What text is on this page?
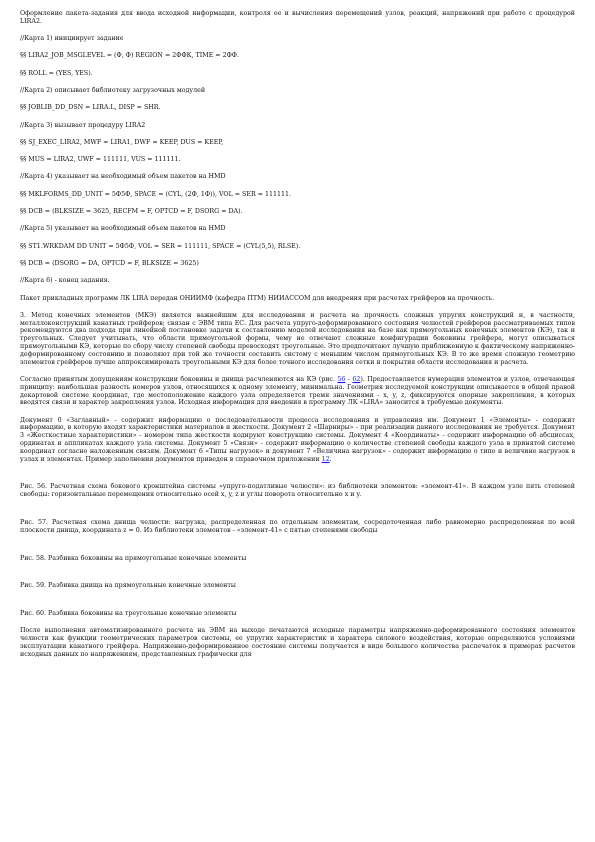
Оформление пакета-задания для ввода исходной информации, контроля ее и вычисления перемещений узлов, реакций, напряжений при работе с процедурой LIRA2.

//Карта 1) инициирует задание

§§ LIRA2_JOB_MSGLEVEL = (Ф, Ф) REGION = 2ФФК, TIME = 2ФФ.

§§ ROLL = (YES, YES).

//Карта 2) описывает библиотеку загрузочных модулей

§§ JOBLIB_DD_DSN = LIRA.L, DISP = SHR.

//Карта 3) вызывает процедуру LIRA2

§§ SJ_EXEC_LIRA2, MWF = LIRA1, DWF = KEEP, DUS = KEEP,

§§ MUS = LIRA2, UWF = 111111, VUS = 111111.

//Карта 4) указывает на необходимый объем пакетов на HMD

§§ MKLFORMS_DD_UNIT = 5Ф5Ф, SPACE = (CYL, (2Ф, 1Ф)), VOL = SER = 111111.

§§ DCB = (BLKSIZE = 3625, RECFM = F, OPTCD = F, DSORG = DA).

//Карта 5) указывает на необходимый объем пакетов на HMD

§§ ST1.WRKDAM DD UNIT = 5Ф5Ф, VOL = SER = 111111, SPACE = (CYL(5,5), RLSE).

§§ DCB = (DSORG = DA, OPTCD = F, BLKSIZE = 3625)

//Карта 6) - конец задания.

Пакет прикладных программ ЛК LIRA передан ОНИИМФ (кафедра ПТМ) НИИАССОМ для внедрения при расчетах грейферов на прочность.

3. Метод конечных элементов (МКЭ) является важнейшим для исследования и расчета на прочность сложных упругих конструкций и, в частности, металлоконструкций канатных грейферов; связан с ЭВМ типа ЕС. Для расчета упруго-деформированного состояния челюстей грейферов рассматриваемых типов рекомендуются два подхода при линейной постановке задачи к составлению моделей исследования на базе как прямоугольных конечных элементов (КЭ), так и треугольных. Следует учитывать, что области прямоугольной формы, чему не отвечают сложные конфигурации боковины грейфера, могут описываться прямоугольными КЭ, которые по сбору числу степеней свободы превосходят треугольные. Это предпочитают лучшую приближенную к фактическому напряженно-деформированному состоянию и позволяют при той же точности составить систему с меньшим числом прямоугольных КЭ. В то же время сложную геометрию элементов грейферов лучше аппроксимировать треугольными КЭ для более точного исследования сетки и покрытия области исследования и расчета.

Согласно принятым допущениям конструкции боковины и днища расчленяются на КЭ (рис. 56 - 62). Предоставляется нумерация элементов и узлов, отвечающая принципу: наибольшая разность номеров узлов, относящихся к одному элементу, минимальна. Геометрия исследуемой конструкции описывается в общей правой декартовой системе координат, где местоположение каждого узла определяется тремя значениями - x, y, z, фиксируются опорные закрепления, в которых вводятся связи и характер закрепления узлов. Исходная информация для введения в программу ЛК «LIRA» заносится в требуемые документы.

Документ 0 «Заглавный» - содержит информацию о последовательности процесса исследования и управления им. Документ 1 «Элементы» - содержит информацию, в которую входят характеристики материалов и жесткости. Документ 2 «Шарниры» - при реализации данного исследования не требуется. Документ 3 «Жесткостные характеристики» - номером типа жесткости кодируют конструкцию системы. Документ 4 «Координаты» - содержит информацию об абсциссах, ординатах и аппликатах каждого узла системы. Документ 5 «Связи» - содержит информацию о количестве степеней свободы каждого узла в принятой системе координат согласно наложенным связям. Документ 6 «Типы нагрузок» и документ 7 «Величина нагрузок» - содержит информацию о типе и величине нагрузок в узлах и элементах. Пример заполнения документов приведен в справочном приложении 12.

Рис. 56. Расчетная схема бокового кронштейна системы «упруго-податливые челюсти»: из библиотеки элементов: «элемент-41». В каждом узле пять степеней свободы: горизонтальные перемещения относительно осей x, y, z и углы поворота относительно x и y.

Рис. 57. Расчетная схема днища челюсти: нагрузка, распределенная по отдельным элементам, сосредоточенная либо равномерно распределенная по всей плоскости днища, координата z = 0. Из библиотеки элементов - «элемент-41» с пятью степенями свободы

Рис. 58. Разбивка боковины на прямоугольные конечные элементы

Рис. 59. Разбивка днища на прямоугольные конечные элементы

Рис. 60. Разбивка боковины на треугольные конечные элементы

После выполнения автоматизированного расчета на ЭВМ на выходе печатаются исходные параметры напряженно-деформированного состояния элементов челюсти как функции геометрических параметров системы, ее упругих характеристик и характера силового воздействия, которые определяются условиями эксплуатации канатного грейфера. Напряженно-деформированное состояние системы получается в виде большого количества распечаток в примерах расчетов исходных данных по напряжениям, представленных графически для
